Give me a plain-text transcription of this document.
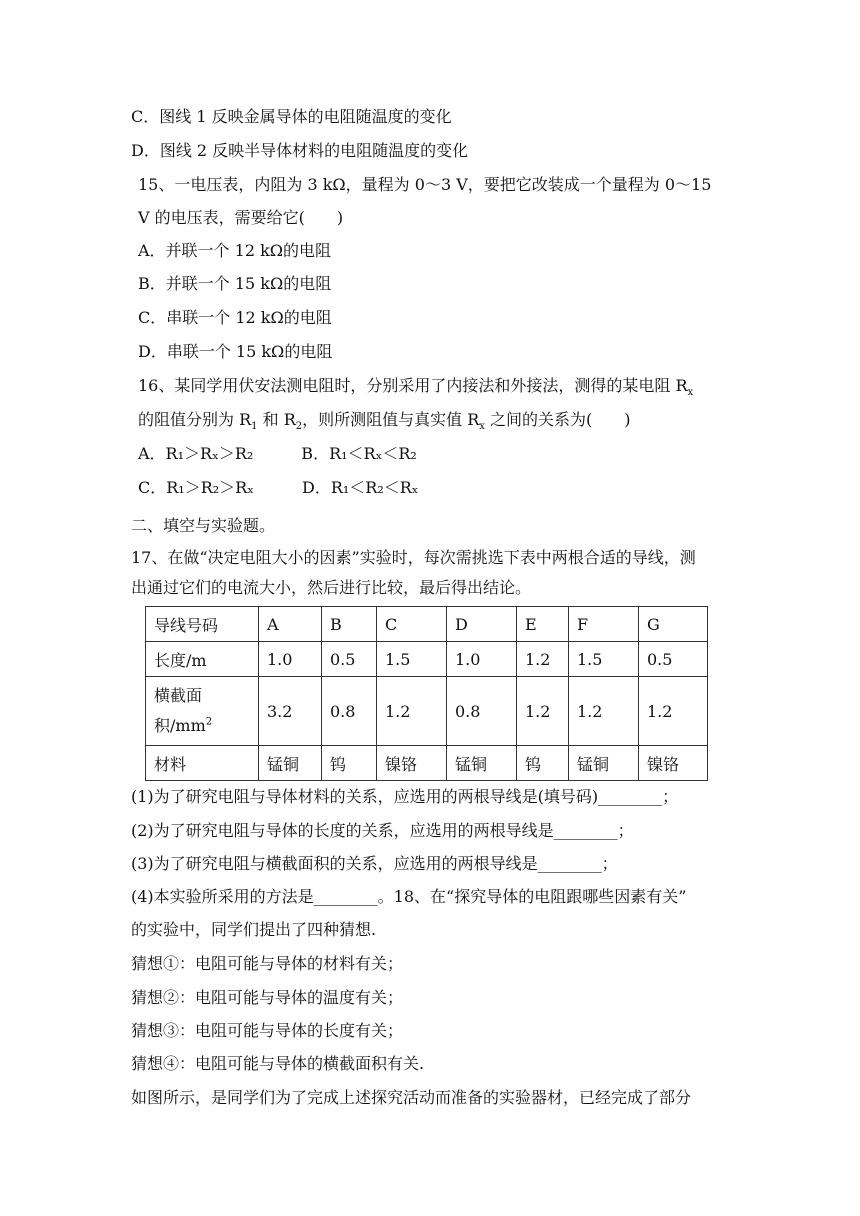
C．图线 1 反映金属导体的电阻随温度的变化
D．图线 2 反映半导体材料的电阻随温度的变化
15、一电压表，内阻为 3 kΩ，量程为 0～3 V，要把它改装成一个量程为 0～15
V 的电压表，需要给它(　　)
A．并联一个 12 kΩ的电阻
B．并联一个 15 kΩ的电阻
C．串联一个 12 kΩ的电阻
D．串联一个 15 kΩ的电阻
16、某同学用伏安法测电阻时，分别采用了内接法和外接法，测得的某电阻 $R_x$
的阻值分别为 $R_1$ 和 $R_2$，则所测阻值与真实值 $R_x$ 之间的关系为(　　)
A．R₁＞Rₓ＞R₂　　　B．R₁＜Rₓ＜R₂
C．R₁＞R₂＞Rₓ　　　D．R₁＜R₂＜Rₓ
二、填空与实验题。
17、在做“决定电阻大小的因素”实验时，每次需挑选下表中两根合适的导线，测
出通过它们的电流大小，然后进行比较，最后得出结论。
导线号码	A	B	C	D	E	F	G
长度/m	1.0	0.5	1.5	1.0	1.2	1.5	0.5
横截面
积$/mm^2$	3.2	0.8	1.2	0.8	1.2	1.2	1.2
材料	锰铜	钨	镍铬	锰铜	钨	锰铜	镍铬
(1)为了研究电阻与导体材料的关系，应选用的两根导线是(填号码)________；
(2)为了研究电阻与导体的长度的关系，应选用的两根导线是________；
(3)为了研究电阻与横截面积的关系，应选用的两根导线是________；
(4)本实验所采用的方法是________。18、在“探究导体的电阻跟哪些因素有关”
的实验中，同学们提出了四种猜想.
猜想①：电阻可能与导体的材料有关；
猜想②：电阻可能与导体的温度有关；
猜想③：电阻可能与导体的长度有关；
猜想④：电阻可能与导体的横截面积有关.
如图所示，是同学们为了完成上述探究活动而准备的实验器材，已经完成了部分
